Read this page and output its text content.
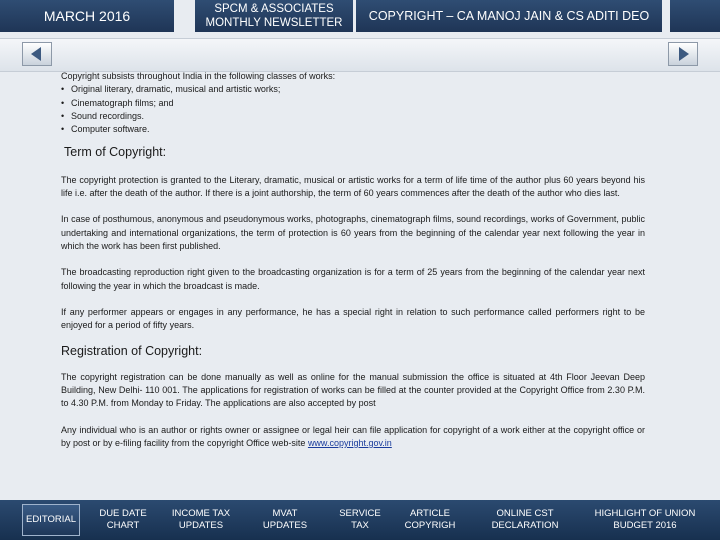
MARCH 2016	SPCM & ASSOCIATES MONTHLY NEWSLETTER	COPYRIGHT – CA MANOJ JAIN & CS ADITI DEO

Copyright subsists throughout India in the following classes of works:

• Original literary, dramatic, musical and artistic works;
• Cinematograph films; and
• Sound recordings.
• Computer software.
Term of Copyright:

The copyright protection is granted to the Literary, dramatic, musical or artistic works for a term of life time of the author plus 60 years beyond his life i.e. after the death of the author. If there is a joint authorship, the term of 60 years commences after the death of the author who dies last.

In case of posthumous, anonymous and pseudonymous works, photographs, cinematograph films, sound recordings, works of Government, public undertaking and international organizations, the term of protection is 60 years from the beginning of the calendar year next following the year in which the work has been first published.

The broadcasting reproduction right given to the broadcasting organization is for a term of 25 years from the beginning of the calendar year next following the year in which the broadcast is made.

If any performer appears or engages in any performance, he has a special right in relation to such performance called performers right to be enjoyed for a period of fifty years.

Registration of Copyright:

The copyright registration can be done manually as well as online for the manual submission the office is situated at 4th Floor Jeevan Deep Building, New Delhi- 110 001. The applications for registration of works can be filled at the counter provided at the Copyright Office from 2.30 P.M. to 4.30 P.M. from Monday to Friday. The applications are also accepted by post

Any individual who is an author or rights owner or assignee or legal heir can file application for copyright of a work either at the copyright office or by post or by e-filing facility from the copyright Office web-site www.copyright.gov.in

EDITORIAL
DUE DATE CHART
INCOME TAX UPDATES
MVAT UPDATES
SERVICE TAX
ARTICLE COPYRIGH
ONLINE CST DECLARATION
HIGHLIGHT OF UNION BUDGET 2016
